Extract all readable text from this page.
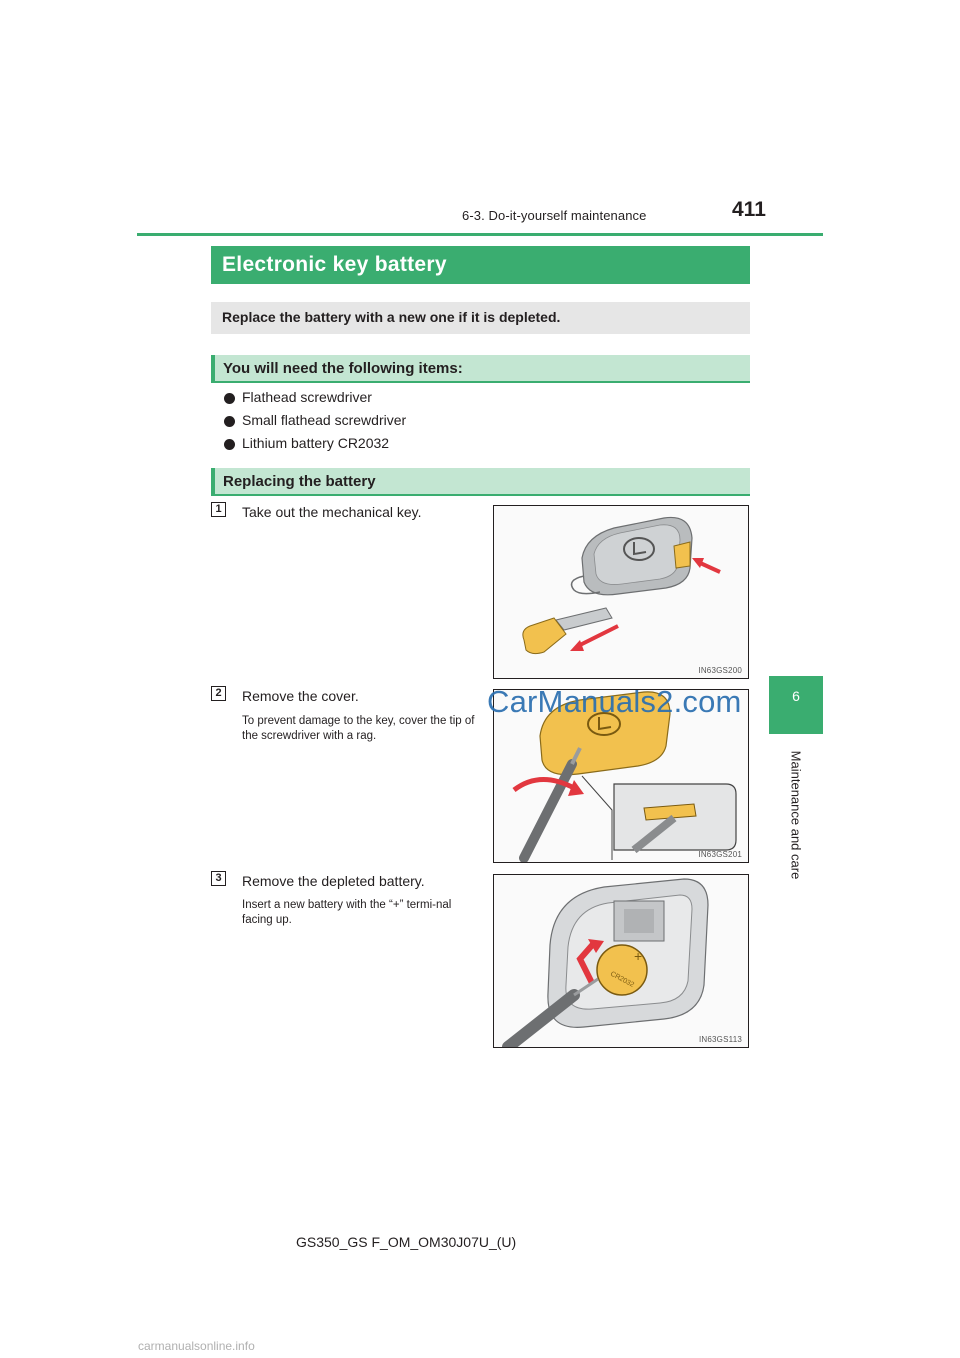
6-3. Do-it-yourself maintenance	411
6
Maintenance and care
Electronic key battery
Replace the battery with a new one if it is depleted.
You will need the following items:
Flathead screwdriver
Small flathead screwdriver
Lithium battery CR2032
Replacing the battery
1	Take out the mechanical key.
IN63GS200
2	Remove the cover.
To prevent damage to the key, cover the tip of the screwdriver with a rag.
IN63GS201
CarManuals2.com
3	Remove the depleted battery.
Insert a new battery with the “+” termi-nal facing up.
+
CR2032
IN63GS113
GS350_GS F_OM_OM30J07U_(U)
carmanualsonline.info
